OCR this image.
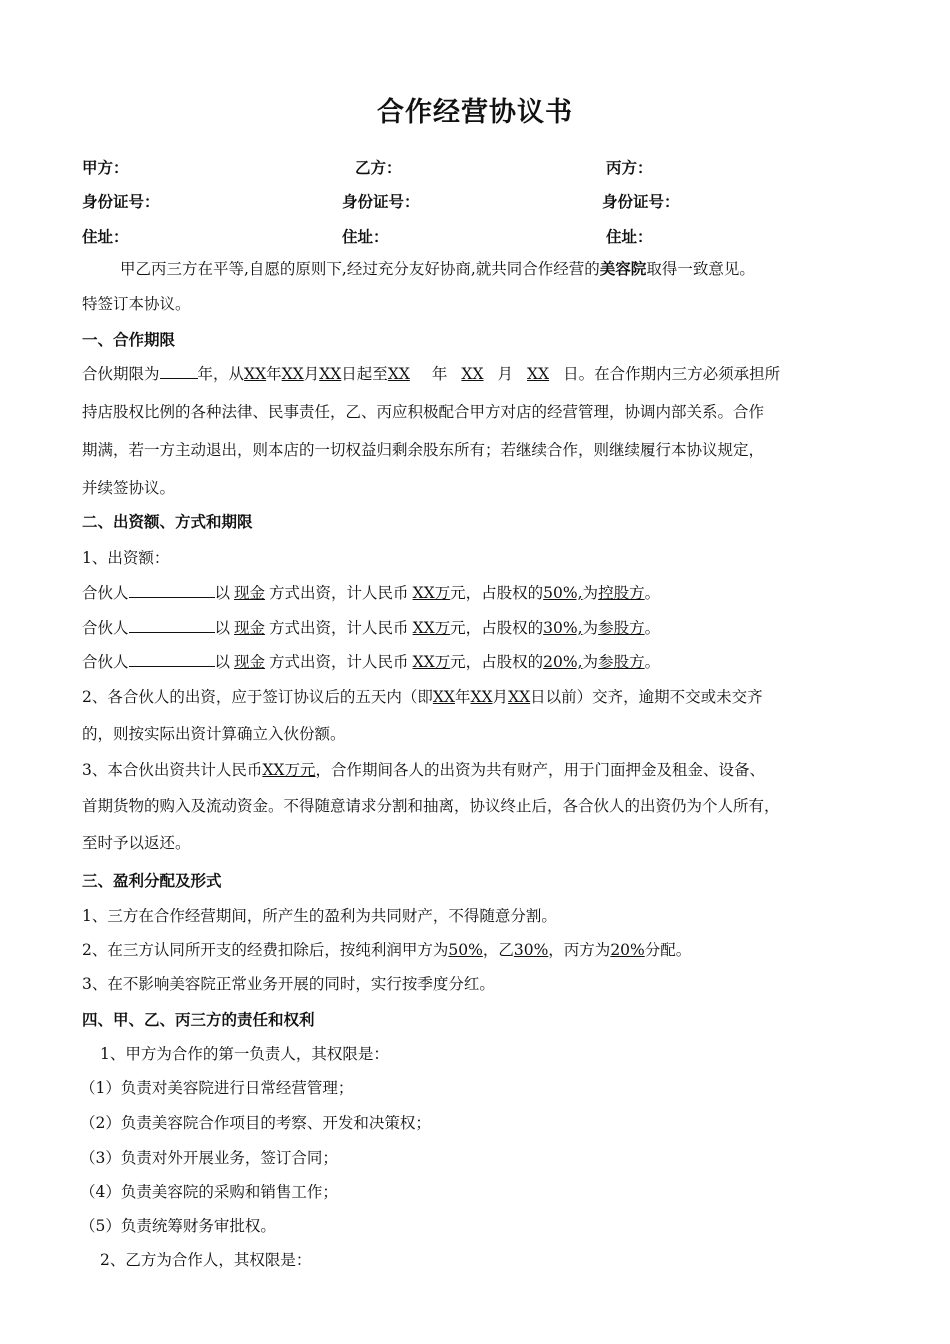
合作经营协议书
甲方：	乙方：	丙方：
身份证号：	身份证号：	身份证号：
住址：	住址：	住址：
甲乙丙三方在平等,自愿的原则下,经过充分友好协商,就共同合作经营的美容院取得一致意见。
特签订本协议。
一、合作期限
合伙期限为 年，从XX年XX月XX日起至XX 年 XX 月 XX 日。在合作期内三方必须承担所
持店股权比例的各种法律、民事责任，乙、丙应积极配合甲方对店的经营管理，协调内部关系。合作
期满，若一方主动退出，则本店的一切权益归剩余股东所有；若继续合作，则继续履行本协议规定，
并续签协议。
二、出资额、方式和期限
1、出资额：
合伙人	以 现金 方式出资，计人民币 XX万元，占股权的50%,为控股方。
合伙人	以 现金 方式出资，计人民币 XX万元，占股权的30%,为参股方。
合伙人	以 现金 方式出资，计人民币 XX万元，占股权的20%,为参股方。
2、各合伙人的出资，应于签订协议后的五天内（即XX年XX月XX日以前）交齐，逾期不交或未交齐
的，则按实际出资计算确立入伙份额。
3、本合伙出资共计人民币XX万元，合作期间各人的出资为共有财产，用于门面押金及租金、设备、
首期货物的购入及流动资金。不得随意请求分割和抽离，协议终止后，各合伙人的出资仍为个人所有，
至时予以返还。
三、盈利分配及形式
1、三方在合作经营期间，所产生的盈利为共同财产，不得随意分割。
2、在三方认同所开支的经费扣除后，按纯利润甲方为50%，乙30%，丙方为20%分配。
3、在不影响美容院正常业务开展的同时，实行按季度分红。
四、甲、乙、丙三方的责任和权利
1、甲方为合作的第一负责人，其权限是：
（1）负责对美容院进行日常经营管理；
（2）负责美容院合作项目的考察、开发和决策权；
（3）负责对外开展业务，签订合同；
（4）负责美容院的采购和销售工作；
（5）负责统筹财务审批权。
2、乙方为合作人，其权限是：
